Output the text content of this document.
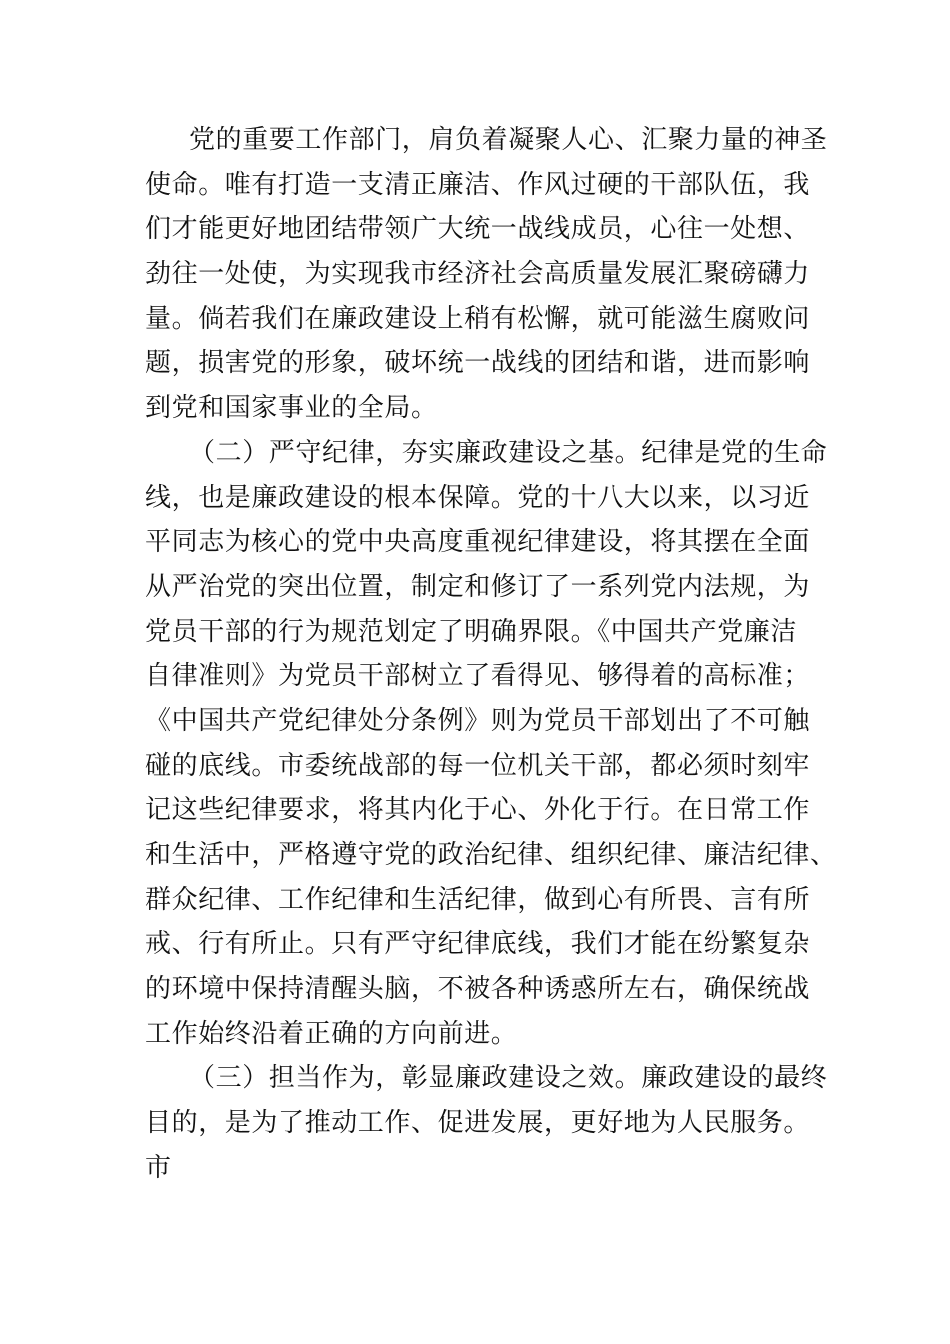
党的重要工作部门，肩负着凝聚人心、汇聚力量的神圣
使命。唯有打造一支清正廉洁、作风过硬的干部队伍，我
们才能更好地团结带领广大统一战线成员，心往一处想、
劲往一处使，为实现我市经济社会高质量发展汇聚磅礴力
量。倘若我们在廉政建设上稍有松懈，就可能滋生腐败问
题，损害党的形象，破坏统一战线的团结和谐，进而影响
到党和国家事业的全局。
（二）严守纪律，夯实廉政建设之基。纪律是党的生命
线，也是廉政建设的根本保障。党的十八大以来，以习近
平同志为核心的党中央高度重视纪律建设，将其摆在全面
从严治党的突出位置，制定和修订了一系列党内法规，为
党员干部的行为规范划定了明确界限。《中国共产党廉洁
自律准则》为党员干部树立了看得见、够得着的高标准；
《中国共产党纪律处分条例》则为党员干部划出了不可触
碰的底线。市委统战部的每一位机关干部，都必须时刻牢
记这些纪律要求，将其内化于心、外化于行。在日常工作
和生活中，严格遵守党的政治纪律、组织纪律、廉洁纪律、
群众纪律、工作纪律和生活纪律，做到心有所畏、言有所
戒、行有所止。只有严守纪律底线，我们才能在纷繁复杂
的环境中保持清醒头脑，不被各种诱惑所左右，确保统战
工作始终沿着正确的方向前进。
（三）担当作为，彰显廉政建设之效。廉政建设的最终
目的，是为了推动工作、促进发展，更好地为人民服务。
市
